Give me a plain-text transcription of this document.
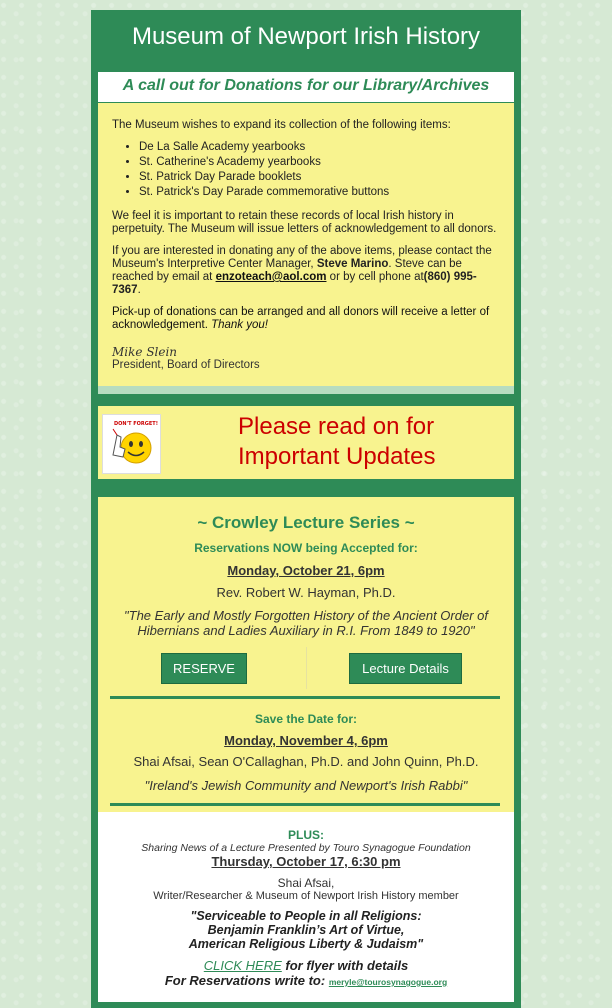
Museum of Newport Irish History
A call out for Donations for our Library/Archives

The Museum wishes to expand its collection of the following items:

• De La Salle Academy yearbooks
• St. Catherine's Academy yearbooks
• St. Patrick Day Parade booklets
• St. Patrick's Day Parade commemorative buttons

We feel it is important to retain these records of local Irish history in perpetuity. The Museum will issue letters of acknowledgement to all donors.

If you are interested in donating any of the above items, please contact the Museum's Interpretive Center Manager, Steve Marino. Steve can be reached by email at enzoteach@aol.com or by cell phone at(860) 995-7367.

Pick-up of donations can be arranged and all donors will receive a letter of acknowledgement. Thank you!

Mike Slein
President, Board of Directors
DON'T FORGET!	Please read on for
Important Updates
~ Crowley Lecture Series ~
Reservations NOW being Accepted for:
Monday, October 21, 6pm
Rev. Robert W. Hayman, Ph.D.
"The Early and Mostly Forgotten History of the Ancient Order of Hibernians and Ladies Auxiliary in R.I. From 1849 to 1920"
RESERVE	Lecture Details
Save the Date for:
Monday, November 4, 6pm
Shai Afsai, Sean O'Callaghan, Ph.D. and John Quinn, Ph.D.
"Ireland's Jewish Community and Newport's Irish Rabbi"
PLUS:
Sharing News of a Lecture Presented by Touro Synagogue Foundation
Thursday, October 17, 6:30 pm
Shai Afsai,
Writer/Researcher & Museum of Newport Irish History member
"Serviceable to People in all Religions:
Benjamin Franklin’s Art of Virtue,
American Religious Liberty & Judaism"
CLICK HERE for flyer with details
For Reservations write to: meryle@tourosynagogue.org
